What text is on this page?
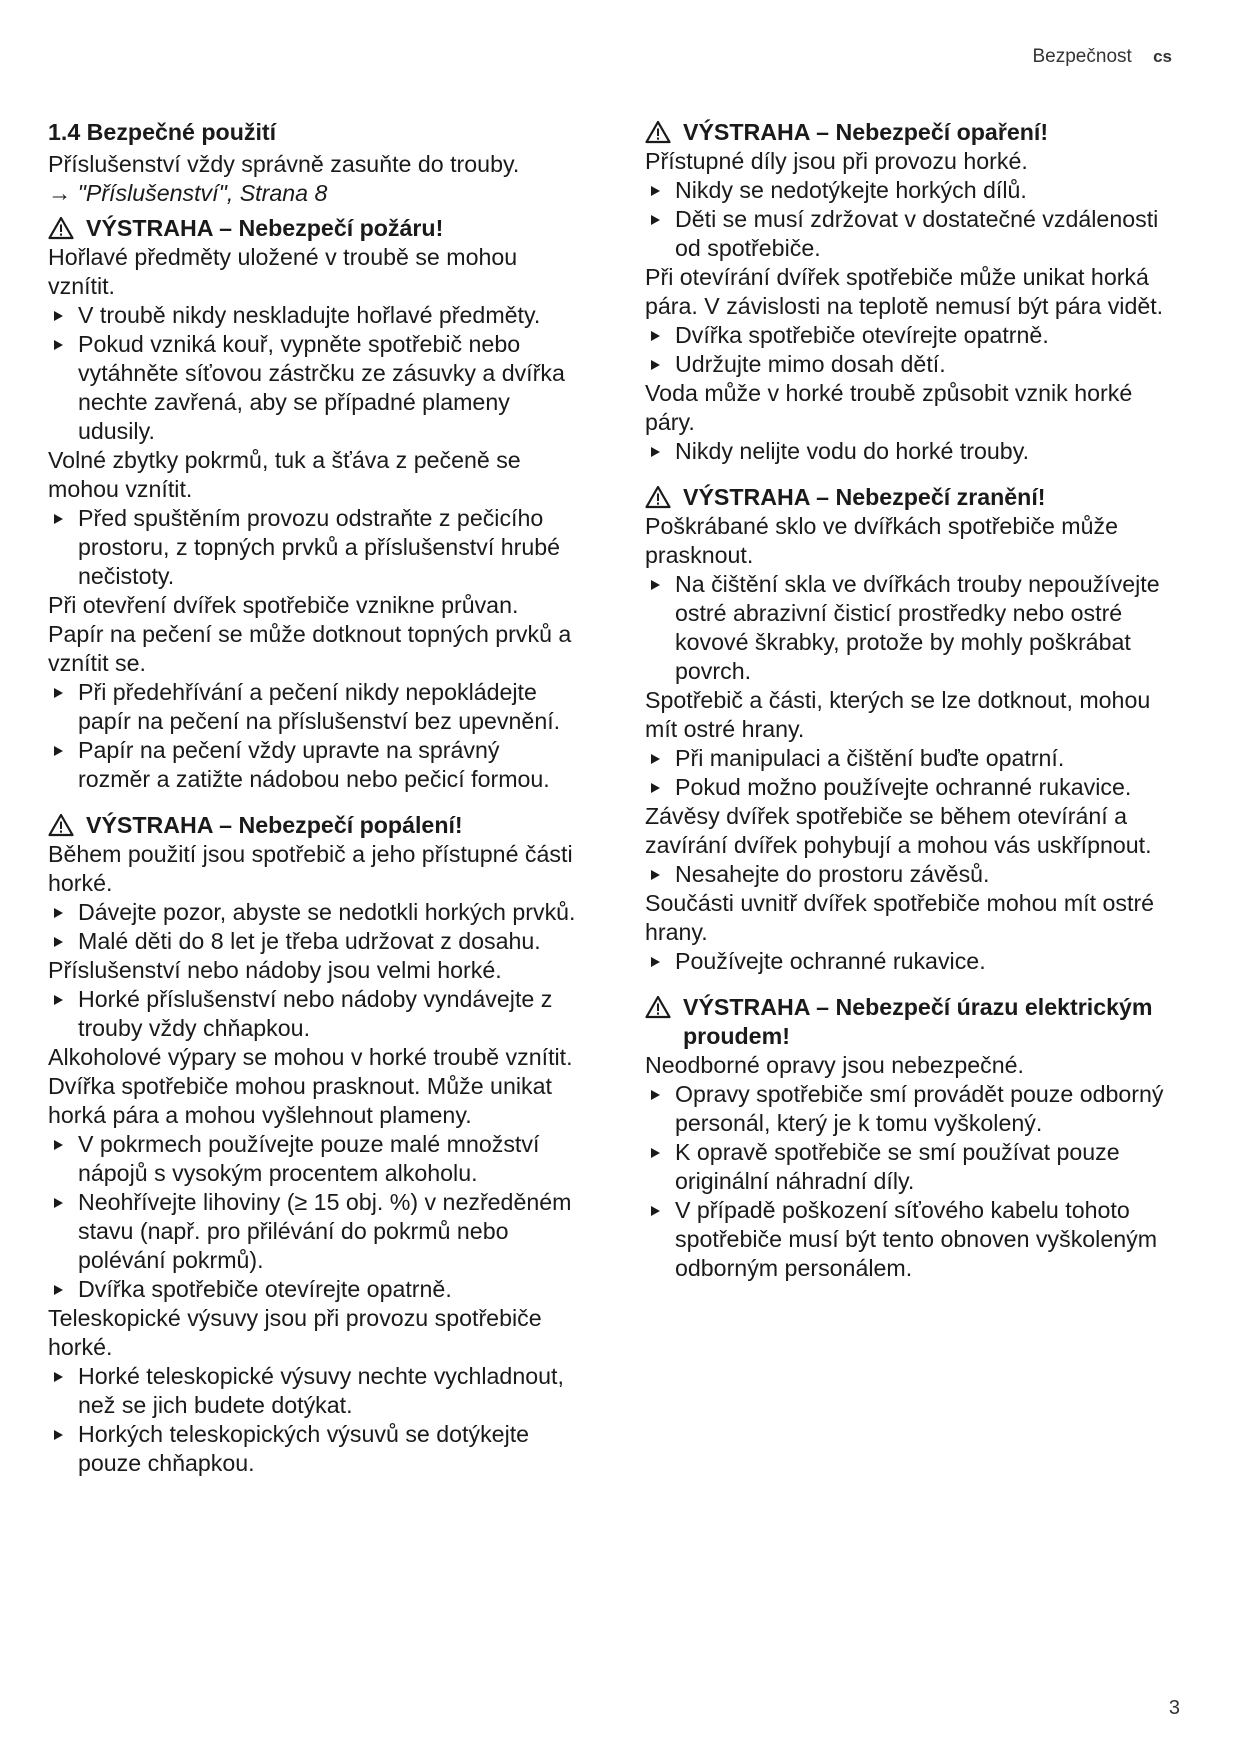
Bezpečnost cs

1.4 Bezpečné použití

Příslušenství vždy správně zasuňte do trouby.

→ "Příslušenství", Strana 8

VÝSTRAHA – Nebezpečí požáru!

Hořlavé předměty uložené v troubě se mohou vznítit.

V troubě nikdy neskladujte hořlavé předměty.

Pokud vzniká kouř, vypněte spotřebič nebo vytáhněte síťovou zástrčku ze zásuvky a dvířka nechte zavřená, aby se případné plameny udusily.

Volné zbytky pokrmů, tuk a šťáva z pečeně se mohou vznítit.

Před spuštěním provozu odstraňte z pečicího prostoru, z topných prvků a příslušenství hrubé nečistoty.

Při otevření dvířek spotřebiče vznikne průvan. Papír na pečení se může dotknout topných prvků a vznítit se.

Při předehřívání a pečení nikdy nepokládejte papír na pečení na příslušenství bez upevnění.

Papír na pečení vždy upravte na správný rozměr a zatižte nádobou nebo pečicí formou.

VÝSTRAHA – Nebezpečí popálení!

Během použití jsou spotřebič a jeho přístupné části horké.

Dávejte pozor, abyste se nedotkli horkých prvků.

Malé děti do 8 let je třeba udržovat z dosahu.

Příslušenství nebo nádoby jsou velmi horké.

Horké příslušenství nebo nádoby vyndávejte z trouby vždy chňapkou.

Alkoholové výpary se mohou v horké troubě vznítit. Dvířka spotřebiče mohou prasknout. Může unikat horká pára a mohou vyšlehnout plameny.

V pokrmech používejte pouze malé množství nápojů s vysokým procentem alkoholu.

Neohřívejte lihoviny (≥ 15 obj. %) v nezředěném stavu (např. pro přilévání do pokrmů nebo polévání pokrmů).

Dvířka spotřebiče otevírejte opatrně.

Teleskopické výsuvy jsou při provozu spotřebiče horké.

Horké teleskopické výsuvy nechte vychladnout, než se jich budete dotýkat.

Horkých teleskopických výsuvů se dotýkejte pouze chňapkou.

VÝSTRAHA – Nebezpečí opaření!

Přístupné díly jsou při provozu horké.

Nikdy se nedotýkejte horkých dílů.

Děti se musí zdržovat v dostatečné vzdálenosti od spotřebiče.

Při otevírání dvířek spotřebiče může unikat horká pára. V závislosti na teplotě nemusí být pára vidět.

Dvířka spotřebiče otevírejte opatrně.

Udržujte mimo dosah dětí.

Voda může v horké troubě způsobit vznik horké páry.

Nikdy nelijte vodu do horké trouby.

VÝSTRAHA – Nebezpečí zranění!

Poškrábané sklo ve dvířkách spotřebiče může prasknout.

Na čištění skla ve dvířkách trouby nepoužívejte ostré abrazivní čisticí prostředky nebo ostré kovové škrabky, protože by mohly poškrábat povrch.

Spotřebič a části, kterých se lze dotknout, mohou mít ostré hrany.

Při manipulaci a čištění buďte opatrní.

Pokud možno používejte ochranné rukavice.

Závěsy dvířek spotřebiče se během otevírání a zavírání dvířek pohybují a mohou vás uskřípnout.

Nesahejte do prostoru závěsů.

Součásti uvnitř dvířek spotřebiče mohou mít ostré hrany.

Používejte ochranné rukavice.

VÝSTRAHA – Nebezpečí úrazu elektrickým proudem!

Neodborné opravy jsou nebezpečné.

Opravy spotřebiče smí provádět pouze odborný personál, který je k tomu vyškolený.

K opravě spotřebiče se smí používat pouze originální náhradní díly.

V případě poškození síťového kabelu tohoto spotřebiče musí být tento obnoven vyškoleným odborným personálem.

3
